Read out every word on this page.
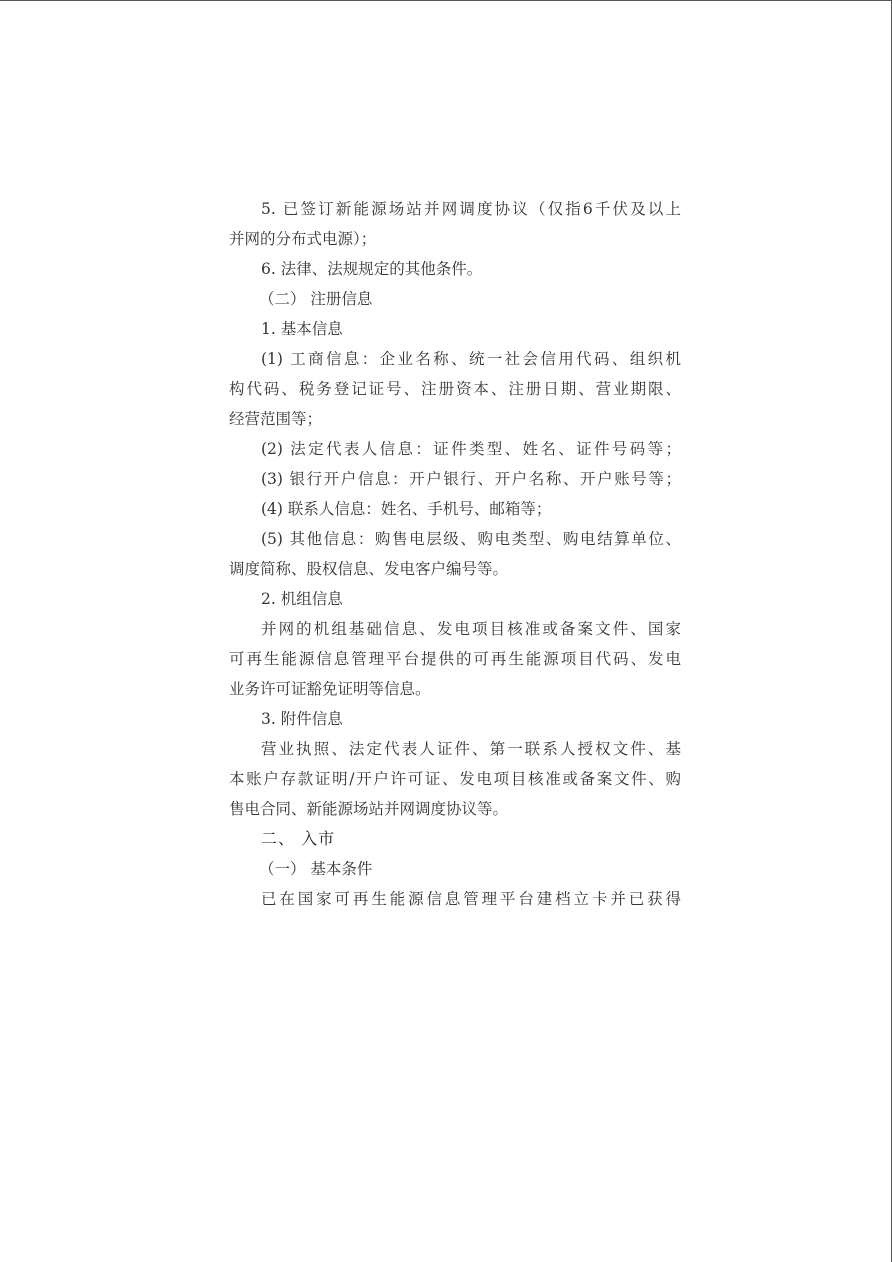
5. 已签订新能源场站并网调度协议（仅指6千伏及以上
并网的分布式电源）；
6. 法律、法规规定的其他条件。
（二） 注册信息
1. 基本信息
(1) 工商信息：企业名称、统一社会信用代码、组织机
构代码、税务登记证号、注册资本、注册日期、营业期限、
经营范围等；
(2) 法定代表人信息：证件类型、姓名、证件号码等；
(3) 银行开户信息：开户银行、开户名称、开户账号等；
(4) 联系人信息：姓名、手机号、邮箱等；
(5) 其他信息：购售电层级、购电类型、购电结算单位、
调度简称、股权信息、发电客户编号等。
2. 机组信息
并网的机组基础信息、发电项目核准或备案文件、国家
可再生能源信息管理平台提供的可再生能源项目代码、发电
业务许可证豁免证明等信息。
3. 附件信息
营业执照、法定代表人证件、第一联系人授权文件、基
本账户存款证明/开户许可证、发电项目核准或备案文件、购
售电合同、新能源场站并网调度协议等。
二、 入市
（一） 基本条件
已在国家可再生能源信息管理平台建档立卡并已获得
